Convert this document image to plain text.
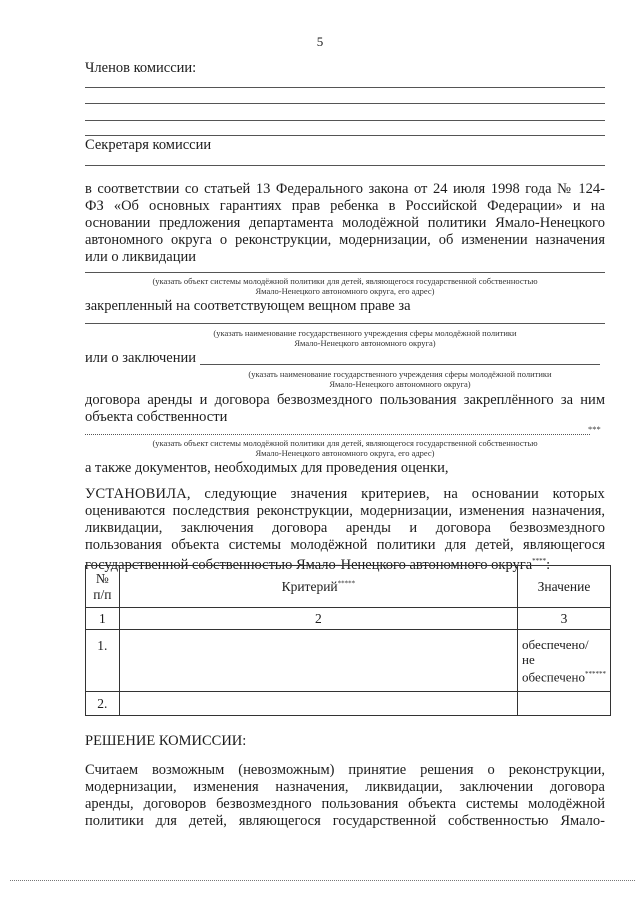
5
Членов комиссии:
Секретаря комиссии
в соответствии со статьей 13 Федерального закона от 24 июля 1998 года № 124-
ФЗ «Об основных гарантиях прав ребенка в Российской Федерации» и на
основании предложения департамента молодёжной политики Ямало-Ненецкого
автономного округа о реконструкции, модернизации, об изменении назначения
или о ликвидации
(указать объект системы молодёжной политики для детей, являющегося государственной собственностью
Ямало-Ненецкого автономного округа, его адрес)
закрепленный на соответствующем вещном праве за
(указать наименование государственного учреждения сферы молодёжной политики
Ямало-Ненецкого автономного округа)
или о заключении
(указать наименование государственного учреждения сферы молодёжной политики
Ямало-Ненецкого автономного округа)
договора аренды и договора безвозмездного пользования закреплённого за ним
объекта собственности
***
(указать объект системы молодёжной политики для детей, являющегося государственной собственностью
Ямало-Ненецкого автономного округа, его адрес)
а также документов, необходимых для проведения оценки,
УСТАНОВИЛА, следующие значения критериев, на основании которых
оцениваются последствия реконструкции, модернизации, изменения назначения,
ликвидации, заключения договора аренды и договора безвозмездного
пользования объекта системы молодёжной политики для детей, являющегося
государственной собственностью Ямало-Ненецкого автономного округа****:
№ п/п	Критерий*****	Значение
1	2	3
1.		обеспечено/
не
обеспечено******

2.		
РЕШЕНИЕ КОМИССИИ:
Считаем возможным (невозможным) принятие решения о реконструкции,
модернизации, изменения назначения, ликвидации, заключении договора
аренды, договоров безвозмездного пользования объекта системы молодёжной
политики для детей, являющегося государственной собственностью Ямало-
